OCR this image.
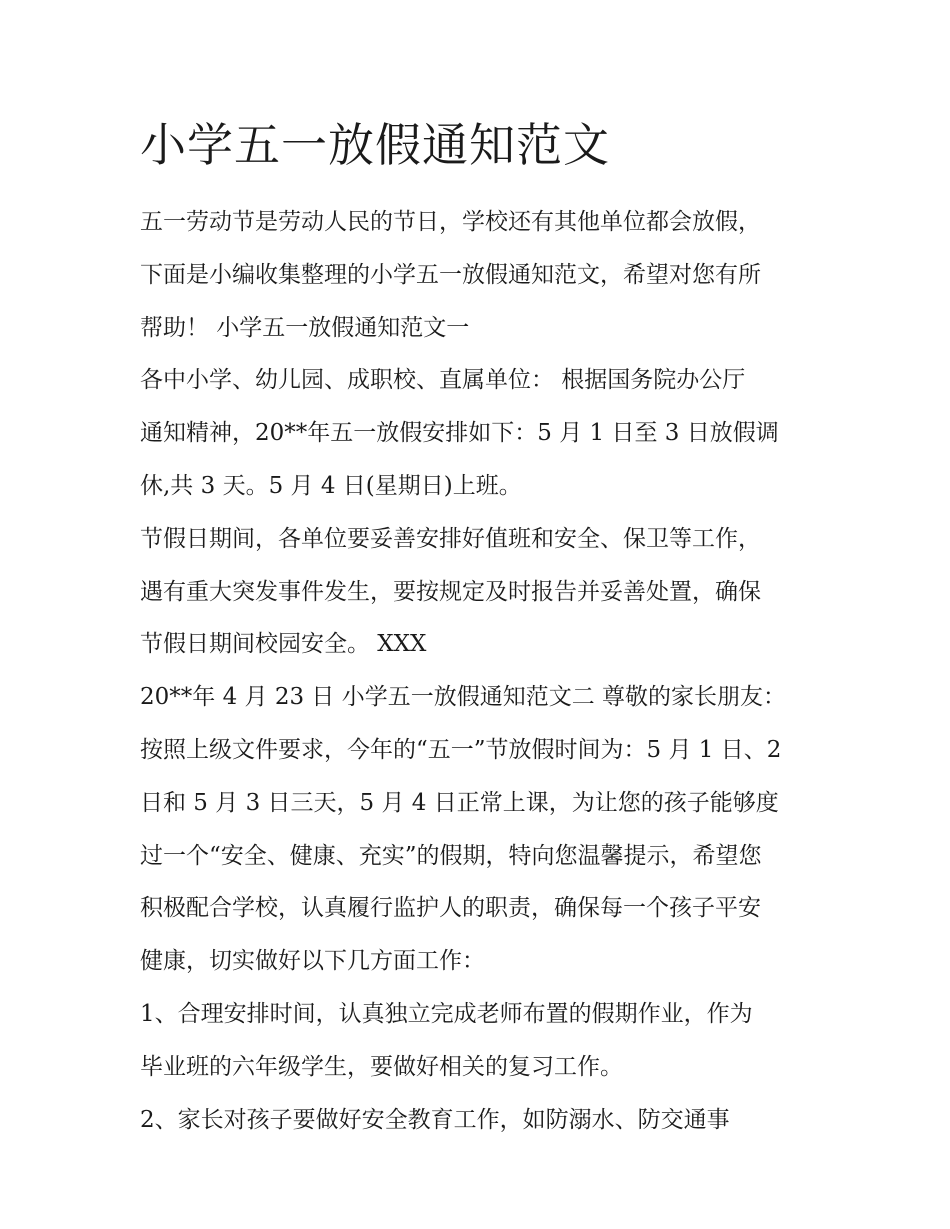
小学五一放假通知范文
五一劳动节是劳动人民的节日，学校还有其他单位都会放假，
下面是小编收集整理的小学五一放假通知范文，希望对您有所
帮助！ 小学五一放假通知范文一
各中小学、幼儿园、成职校、直属单位： 根据国务院办公厅
通知精神，20**年五一放假安排如下：5 月 1 日至 3 日放假调
休,共 3 天。5 月 4 日(星期日)上班。
节假日期间，各单位要妥善安排好值班和安全、保卫等工作，
遇有重大突发事件发生，要按规定及时报告并妥善处置，确保
节假日期间校园安全。 XXX
20**年 4 月 23 日 小学五一放假通知范文二 尊敬的家长朋友：
按照上级文件要求，今年的“五一”节放假时间为：5 月 1 日、2
日和 5 月 3 日三天，5 月 4 日正常上课，为让您的孩子能够度
过一个“安全、健康、充实”的假期，特向您温馨提示，希望您
积极配合学校，认真履行监护人的职责，确保每一个孩子平安
健康，切实做好以下几方面工作：
1、合理安排时间，认真独立完成老师布置的假期作业，作为
毕业班的六年级学生，要做好相关的复习工作。
2、家长对孩子要做好安全教育工作，如防溺水、防交通事
